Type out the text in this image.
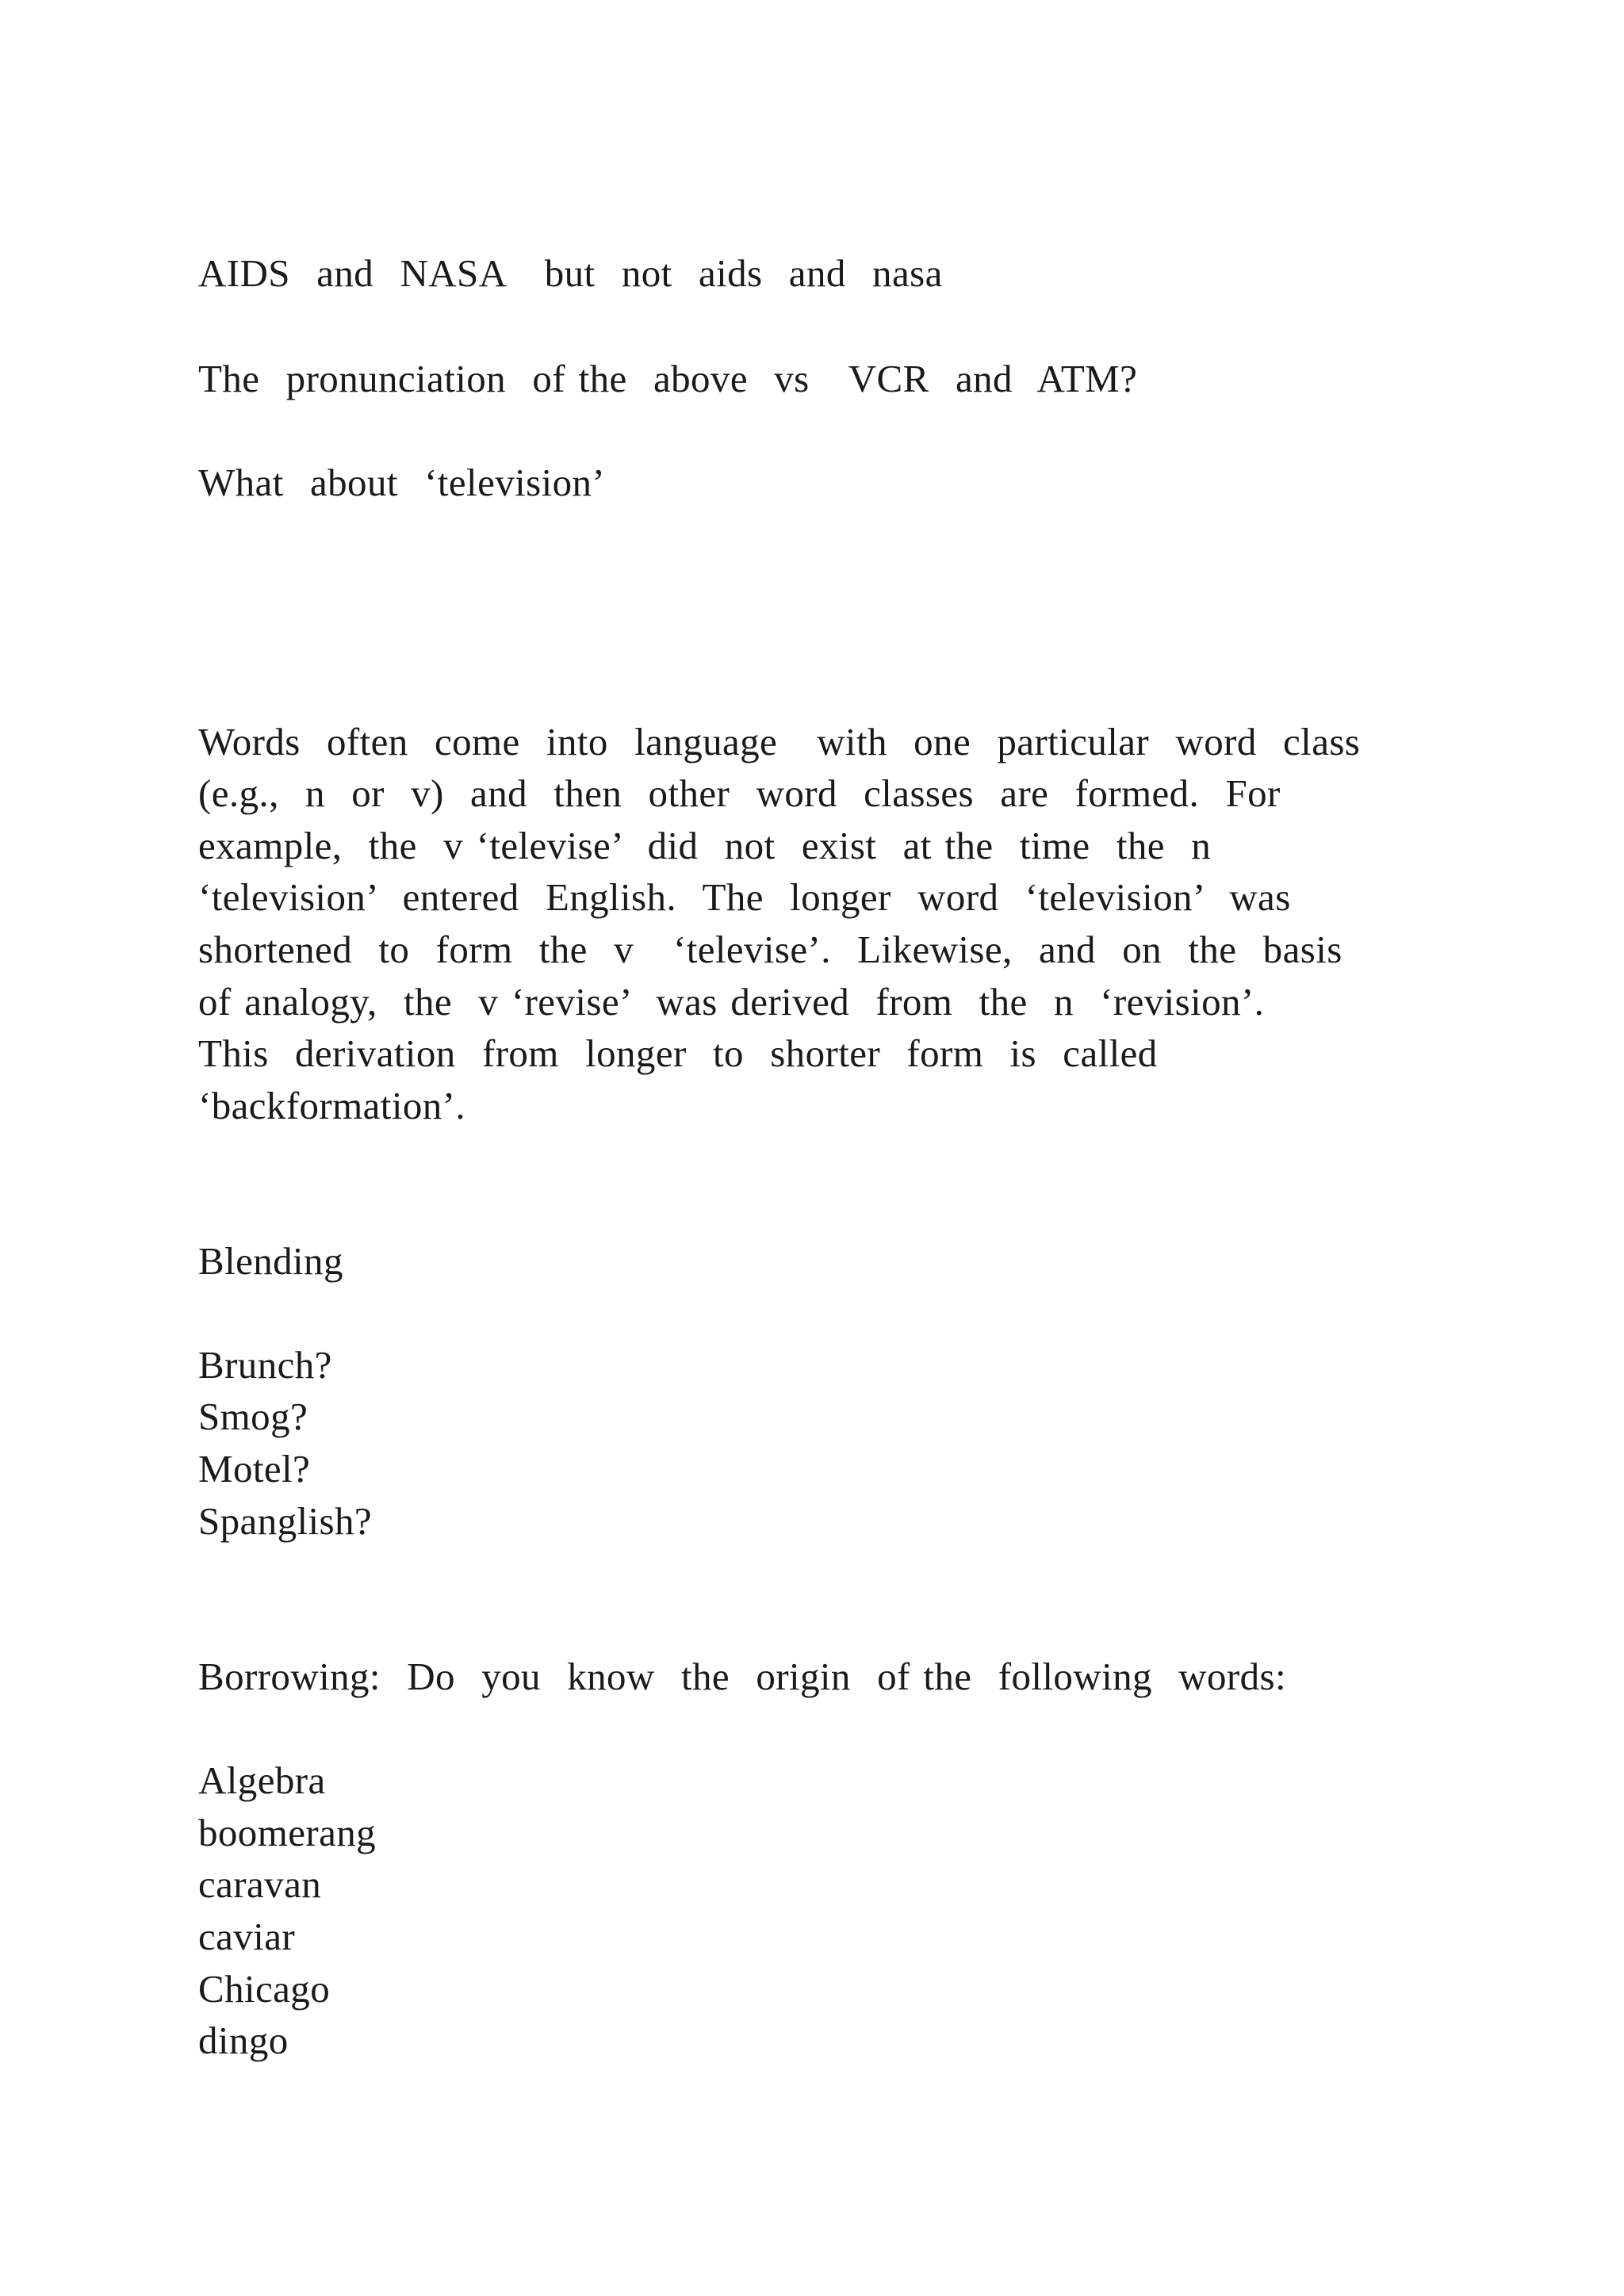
AIDS  and  NASA   but  not  aids  and  nasa

The  pronunciation  of the  above  vs   VCR  and  ATM?

What  about  ‘television’

Words  often  come  into  language   with  one  particular  word  class

(e.g.,  n  or  v)  and  then  other  word  classes  are  formed.  For

example,  the  v ‘televise’  did  not  exist  at the  time  the  n

‘television’  entered  English.  The  longer  word  ‘television’  was

shortened  to  form  the  v   ‘televise’.  Likewise,  and  on  the  basis

of analogy,  the  v ‘revise’  was derived  from  the  n  ‘revision’.

This  derivation  from  longer  to  shorter  form  is  called

‘backformation’.

Blending

Brunch?

Smog?

Motel?

Spanglish?

Borrowing:  Do  you  know  the  origin  of the  following  words:

Algebra

boomerang

caravan

caviar

Chicago

dingo
